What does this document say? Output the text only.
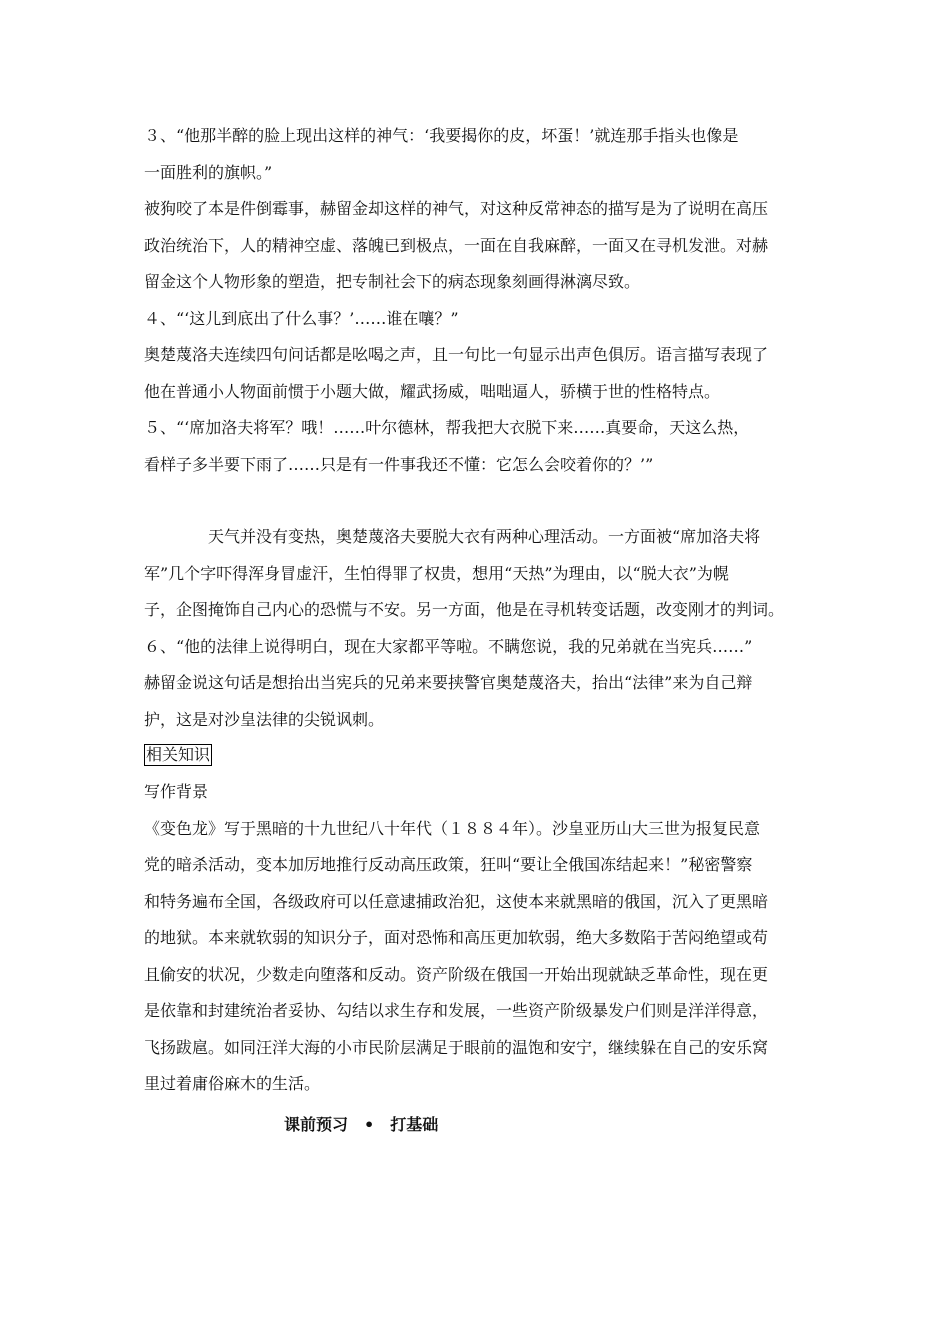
３、“他那半醉的脸上现出这样的神气：‘我要揭你的皮，坏蛋！’就连那手指头也像是

一面胜利的旗帜。”

被狗咬了本是件倒霉事，赫留金却这样的神气，对这种反常神态的描写是为了说明在高压

政治统治下，人的精神空虚、落魄已到极点，一面在自我麻醉，一面又在寻机发泄。对赫

留金这个人物形象的塑造，把专制社会下的病态现象刻画得淋漓尽致。

４、“‘这儿到底出了什么事？’……谁在嚷？”

奥楚蔑洛夫连续四句问话都是吆喝之声，且一句比一句显示出声色俱厉。语言描写表现了

他在普通小人物面前惯于小题大做，耀武扬威，咄咄逼人，骄横于世的性格特点。

５、“‘席加洛夫将军？哦！……叶尔德林，帮我把大衣脱下来……真要命，天这么热，

看样子多半要下雨了……只是有一件事我还不懂：它怎么会咬着你的？’”

天气并没有变热，奥楚蔑洛夫要脱大衣有两种心理活动。一方面被“席加洛夫将

军”几个字吓得浑身冒虚汗，生怕得罪了权贵，想用“天热”为理由，以“脱大衣”为幌

子，企图掩饰自己内心的恐慌与不安。另一方面，他是在寻机转变话题，改变刚才的判词。

６、“他的法律上说得明白，现在大家都平等啦。不瞒您说，我的兄弟就在当宪兵……”

赫留金说这句话是想抬出当宪兵的兄弟来要挟警官奥楚蔑洛夫，抬出“法律”来为自己辩

护，这是对沙皇法律的尖锐讽刺。

相关知识

写作背景

《变色龙》写于黑暗的十九世纪八十年代（１８８４年）。沙皇亚历山大三世为报复民意

党的暗杀活动，变本加厉地推行反动高压政策，狂叫“要让全俄国冻结起来！”秘密警察

和特务遍布全国，各级政府可以任意逮捕政治犯，这使本来就黑暗的俄国，沉入了更黑暗

的地狱。本来就软弱的知识分子，面对恐怖和高压更加软弱，绝大多数陷于苦闷绝望或苟

且偷安的状况，少数走向堕落和反动。资产阶级在俄国一开始出现就缺乏革命性，现在更

是依靠和封建统治者妥协、勾结以求生存和发展，一些资产阶级暴发户们则是洋洋得意，

飞扬跋扈。如同汪洋大海的小市民阶层满足于眼前的温饱和安宁，继续躲在自己的安乐窝

里过着庸俗麻木的生活。

课前预习 • 打基础
